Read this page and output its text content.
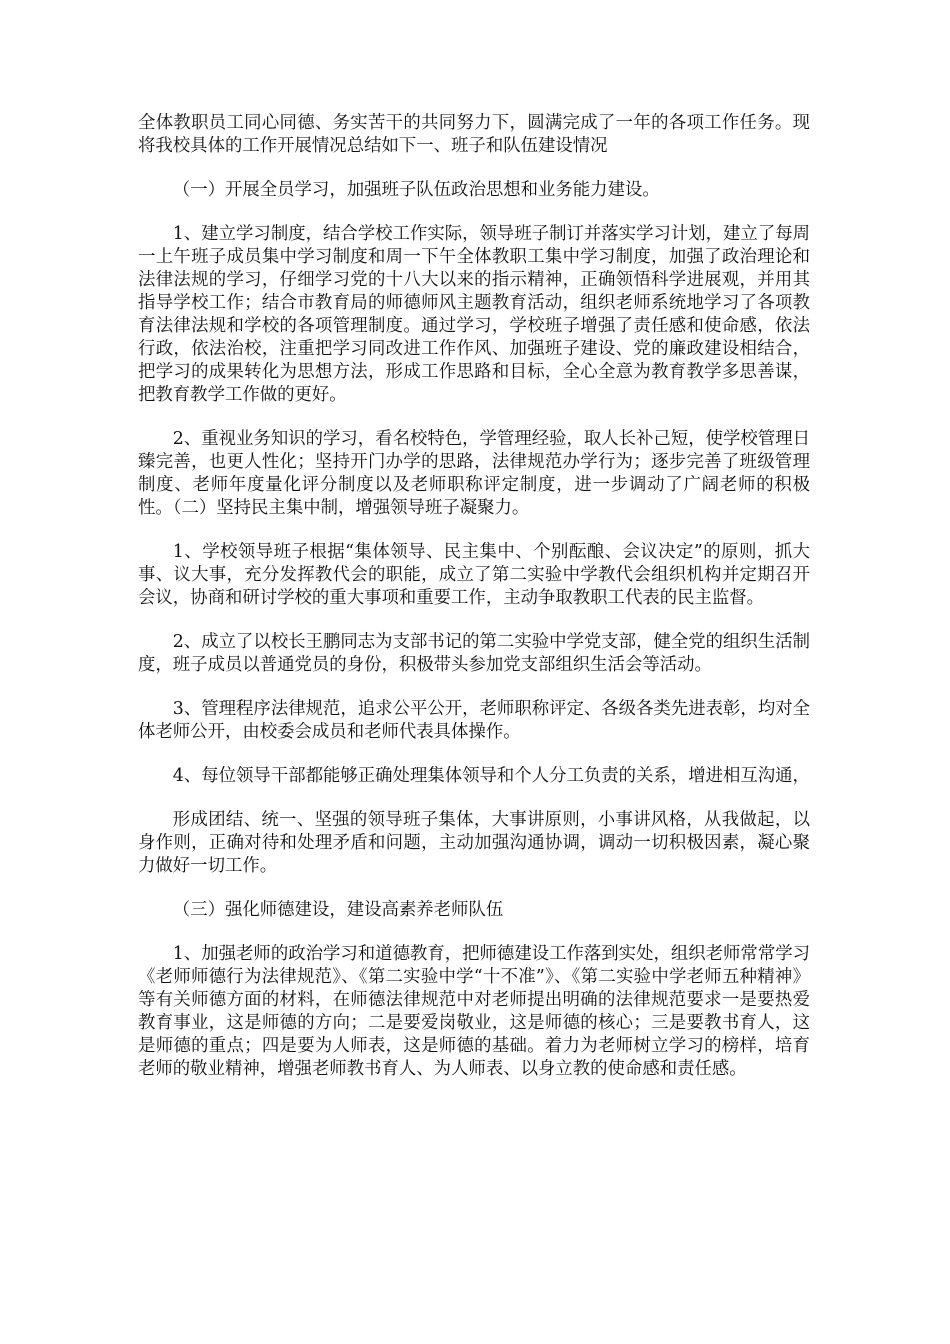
全体教职员工同心同德、务实苦干的共同努力下，圆满完成了一年的各项工作任务。现将我校具体的工作开展情况总结如下一、班子和队伍建设情况

（一）开展全员学习，加强班子队伍政治思想和业务能力建设。

1、建立学习制度，结合学校工作实际，领导班子制订并落实学习计划，建立了每周一上午班子成员集中学习制度和周一下午全体教职工集中学习制度，加强了政治理论和法律法规的学习，仔细学习党的十八大以来的指示精神，正确领悟科学进展观，并用其指导学校工作；结合市教育局的师德师风主题教育活动，组织老师系统地学习了各项教育法律法规和学校的各项管理制度。通过学习，学校班子增强了责任感和使命感，依法行政，依法治校，注重把学习同改进工作作风、加强班子建设、党的廉政建设相结合，把学习的成果转化为思想方法，形成工作思路和目标，全心全意为教育教学多思善谋，把教育教学工作做的更好。

2、重视业务知识的学习，看名校特色，学管理经验，取人长补己短，使学校管理日臻完善，也更人性化；坚持开门办学的思路，法律规范办学行为；逐步完善了班级管理制度、老师年度量化评分制度以及老师职称评定制度，进一步调动了广阔老师的积极性。（二）坚持民主集中制，增强领导班子凝聚力。

1、学校领导班子根据“集体领导、民主集中、个别酝酿、会议决定”的原则，抓大事、议大事，充分发挥教代会的职能，成立了第二实验中学教代会组织机构并定期召开会议，协商和研讨学校的重大事项和重要工作，主动争取教职工代表的民主监督。

2、成立了以校长王鹏同志为支部书记的第二实验中学党支部，健全党的组织生活制度，班子成员以普通党员的身份，积极带头参加党支部组织生活会等活动。

3、管理程序法律规范，追求公平公开，老师职称评定、各级各类先进表彰，均对全体老师公开，由校委会成员和老师代表具体操作。

4、每位领导干部都能够正确处理集体领导和个人分工负责的关系，增进相互沟通，

形成团结、统一、坚强的领导班子集体，大事讲原则，小事讲风格，从我做起，以身作则，正确对待和处理矛盾和问题，主动加强沟通协调，调动一切积极因素，凝心聚力做好一切工作。

（三）强化师德建设，建设高素养老师队伍

1、加强老师的政治学习和道德教育，把师德建设工作落到实处，组织老师常常学习《老师师德行为法律规范》、《第二实验中学“十不准”》、《第二实验中学老师五种精神》等有关师德方面的材料，在师德法律规范中对老师提出明确的法律规范要求一是要热爱教育事业，这是师德的方向；二是要爱岗敬业，这是师德的核心；三是要教书育人，这是师德的重点；四是要为人师表，这是师德的基础。着力为老师树立学习的榜样，培育老师的敬业精神，增强老师教书育人、为人师表、以身立教的使命感和责任感。
